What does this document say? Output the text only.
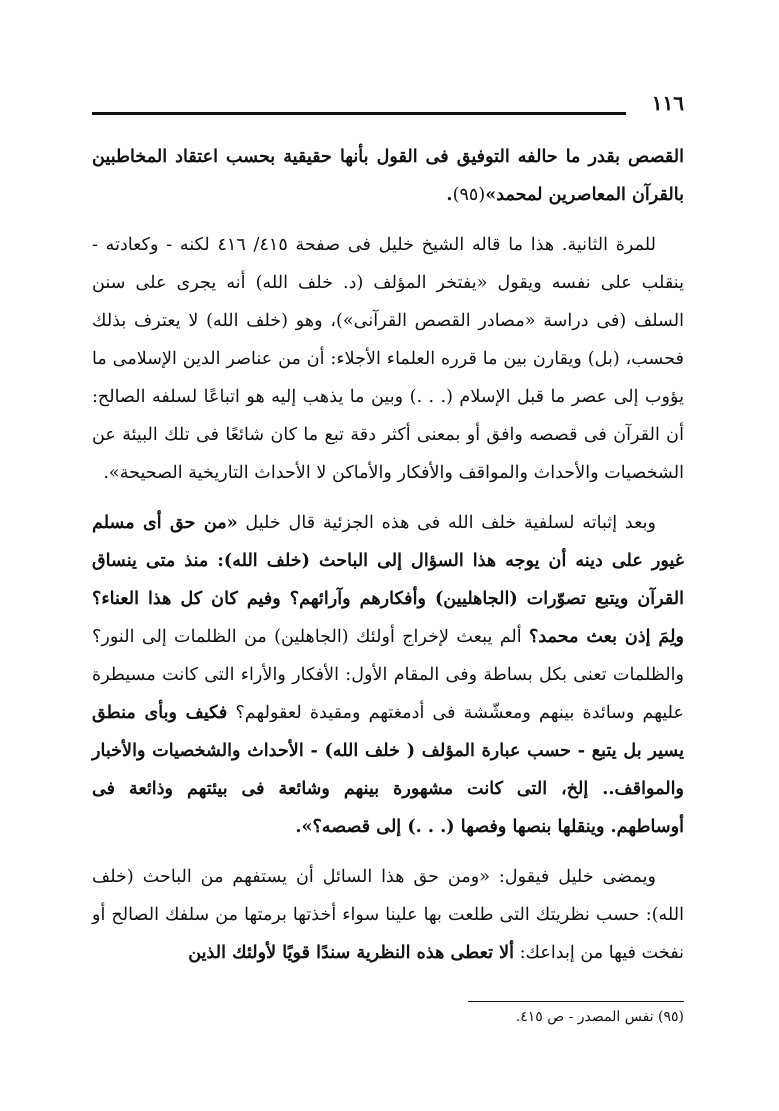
١١٦

القصص بقدر ما حالفه التوفيق فى القول بأنها حقيقية بحسب اعتقاد المخاطبين بالقرآن المعاصرين لمحمد»(٩٥).

للمرة الثانية. هذا ما قاله الشيخ خليل فى صفحة ٤١٥/ ٤١٦ لكنه - وكعادته - ينقلب على نفسه ويقول «يفتخر المؤلف (د. خلف الله) أنه يجرى على سنن السلف (فى دراسة «مصادر القصص القرآنى»)، وهو (خلف الله) لا يعترف بذلك فحسب، (بل) ويقارن بين ما قرره العلماء الأجلاء: أن من عناصر الدين الإسلامى ما يؤوب إلى عصر ما قبل الإسلام (. . .) وبين ما يذهب إليه هو اتباعًا لسلفه الصالح: أن القرآن فى قصصه وافق أو بمعنى أكثر دقة تبع ما كان شائعًا فى تلك البيئة عن الشخصيات والأحداث والمواقف والأفكار والأماكن لا الأحداث التاريخية الصحيحة».

وبعد إثباته لسلفية خلف الله فى هذه الجزئية قال خليل «من حق أى مسلم غيور على دينه أن يوجه هذا السؤال إلى الباحث (خلف الله): منذ متى ينساق القرآن ويتبع تصوّرات (الجاهليين) وأفكارهم وآرائهم؟ وفيم كان كل هذا العناء؟ ولِمَ إذن بعث محمد؟ ألم يبعث لإخراج أولئك (الجاهلين) من الظلمات إلى النور؟ والظلمات تعنى بكل بساطة وفى المقام الأول: الأفكار والأراء التى كانت مسيطرة عليهم وسائدة بينهم ومعشّشة فى أدمغتهم ومقيدة لعقولهم؟ فكيف وبأى منطق يسير بل يتبع - حسب عبارة المؤلف ( خلف الله) - الأحداث والشخصيات والأخبار والمواقف.. إلخ، التى كانت مشهورة بينهم وشائعة فى بيئتهم وذائعة فى أوساطهم. وينقلها بنصها وفصها (. . .) إلى قصصه؟».

ويمضى خليل فيقول: «ومن حق هذا السائل أن يستفهم من الباحث (خلف الله): حسب نظريتك التى طلعت بها علينا سواء أخذتها برمتها من سلفك الصالح أو نفخت فيها من إبداعك: ألا تعطى هذه النظرية سندًا قويًا لأولئك الذين

(٩٥) نفس المصدر - ص ٤١٥.
